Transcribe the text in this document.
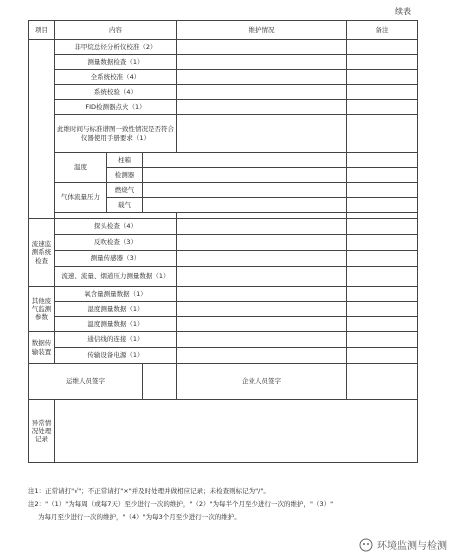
续表
项目	内容			维护情况	备注
	非甲烷总烃分析仪校准（2）				
	测量数据检查（1）				
	全系统校准（4）				
	系统校验（4）				
	FID检测器点火（1）				
	此维时间与标准谱图一致性情况是否符合仪器使用手册要求（1）				
	温度	柱箱			
		检测器			
	气体流量压力	燃烧气			
		载气			

流速监测系统检查	探头检查（4）				
	反吹检查（3）				
	测量传感器（3）				
	流速、流量、烟道压力测量数据（1）				
其他废气监测参数	氧含量测量数据（1）				
	湿度测量数据（1）				
	温度测量数据（1）				
数据传输装置	通信线的连接（1）				
	传输设备电源（1）				
运维人员签字				企业人员签字	
异常情况处理记录					

注1：正常请打"√"；不正常请打"×"并及时处理并做相应记录；未检查则标记为"/"。

注2："（1）"为每周（或每7天）至少进行一次的维护，"（2）"为每半个月至少进行一次的维护，"（3）"

为每月至少进行一次的维护，"（4）"为每3个月至少进行一次的维护。

环境监测与检测
